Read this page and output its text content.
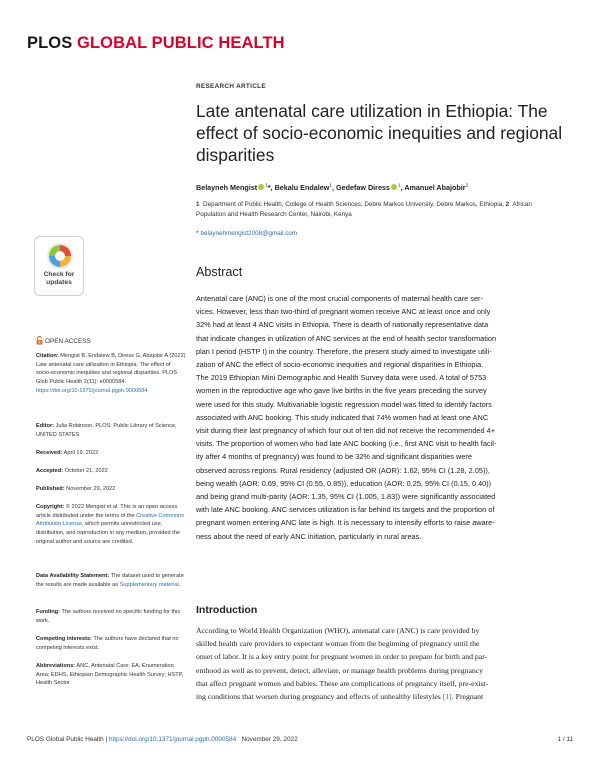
PLOS GLOBAL PUBLIC HEALTH
RESEARCH ARTICLE
Late antenatal care utilization in Ethiopia: The effect of socio-economic inequities and regional disparities
Belayneh Mengist $^1$*, Bekalu Endalew$^1$, Gedefaw Diress $^1$, Amanuel Abajobir$^2$
1 Department of Public Health, College of Health Sciences, Debre Markos University, Debre Markos, Ethiopia, 2 African Population and Health Research Center, Nairobi, Kenya
* belaynehmengist2008@gmail.com
Check for
updates
OPEN ACCESS
Citation: Mengist B, Endalew B, Diress G, Abajobir A (2022) Late antenatal care utilization in Ethiopia: The effect of socio-economic inequities and regional disparities. PLOS Glob Public Health 2(11): e0000584. https://doi.org/10.1371/journal.pgph.0000584
Editor: Julia Robinson, PLOS: Public Library of Science, UNITED STATES
Received: April 19, 2022
Accepted: October 21, 2022
Published: November 29, 2022
Copyright: © 2022 Mengist et al. This is an open access article distributed under the terms of the Creative Commons Attribution License, which permits unrestricted use, distribution, and reproduction in any medium, provided the original author and source are credited.
Data Availability Statement: The dataset used to generate the results are made available as Supplementary material.
Funding: The authors received no specific funding for this work.
Competing interests: The authors have declared that no competing interests exist.
Abbreviations: ANC, Antenatal Care; EA, Enumeration Area; EDHS, Ethiopian Demographic Health Survey; HSTP, Health Sector
Abstract
Antenatal care (ANC) is one of the most crucial components of maternal health care ser-
vices. However, less than two-third of pregnant women receive ANC at least once and only
32% had at least 4 ANC visits in Ethiopia. There is dearth of nationally representative data
that indicate changes in utilization of ANC services at the end of health sector transformation
plan I period (HSTP I) in the country. Therefore, the present study aimed to investigate utili-
zation of ANC the effect of socio-economic inequities and regional disparities in Ethiopia.
The 2019 Ethiopian Mini Demographic and Health Survey data were used. A total of 5753
women in the reproductive age who gave live births in the five years preceding the survey
were used for this study. Multivariable logistic regression model was fitted to identify factors
associated with ANC booking. This study indicated that 74% women had at least one ANC
visit during their last pregnancy of which four out of ten did not receive the recommended 4+
visits. The proportion of women who had late ANC booking (i.e., first ANC visit to health facil-
ity after 4 months of pregnancy) was found to be 32% and significant disparities were
observed across regions. Rural residency (adjusted OR (AOR): 1.62, 95% CI (1.28, 2.05)),
being wealth (AOR: 0.69, 95% CI (0.55, 0.85)), education (AOR: 0.25, 95% CI (0.15, 0.40))
and being grand multi-parity (AOR: 1.35, 95% CI (1.005, 1.83)) were significantly associated
with late ANC booking. ANC services utilization is far behind its targets and the proportion of
pregnant women entering ANC late is high. It is necessary to intensify efforts to raise aware-
ness about the need of early ANC initiation, particularly in rural areas.
Introduction
According to World Health Organization (WHO), antenatal care (ANC) is care provided by
skilled health care providers to expectant woman from the beginning of pregnancy until the
onset of labor. It is a key entry point for pregnant women in order to prepare for birth and par-
enthood as well as to prevent, detect, alleviate, or manage health problems during pregnancy
that affect pregnant women and babies. These are complications of pregnancy itself, pre-exist-
ing conditions that worsen during pregnancy and effects of unhealthy lifestyles [1]. Pregnant
PLOS Global Public Health | https://doi.org/10.1371/journal.pgph.0000584 November 29, 2022	1 / 11
